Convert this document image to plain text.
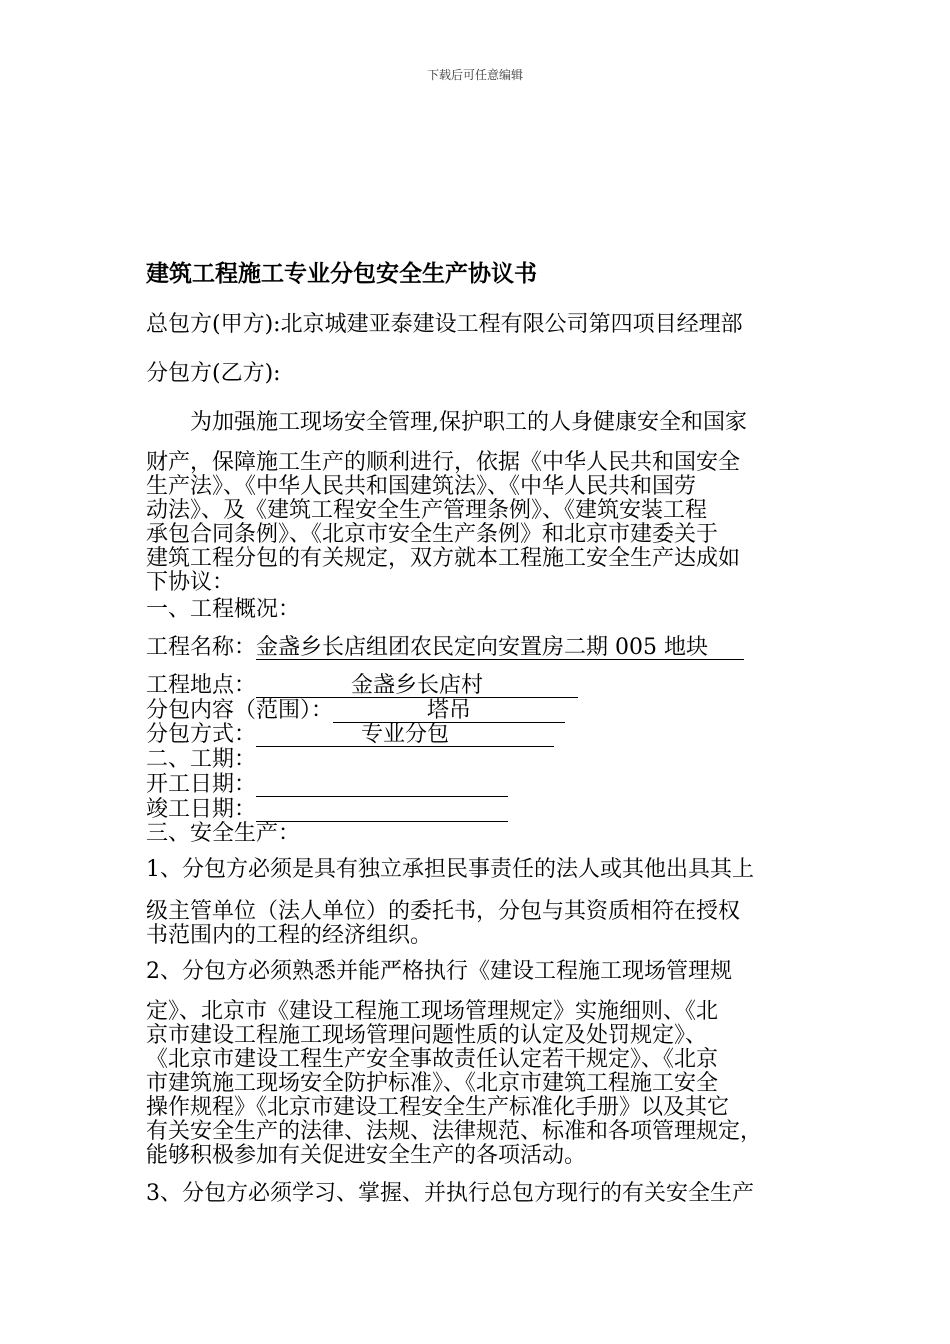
下载后可任意编辑
建筑工程施工专业分包安全生产协议书
总包方(甲方):北京城建亚泰建设工程有限公司第四项目经理部
分包方(乙方):
为加强施工现场安全管理,保护职工的人身健康安全和国家
财产，保障施工生产的顺利进行，依据《中华人民共和国安全
生产法》、《中华人民共和国建筑法》、《中华人民共和国劳
动法》、及《建筑工程安全生产管理条例》、《建筑安装工程
承包合同条例》、《北京市安全生产条例》和北京市建委关于
建筑工程分包的有关规定，双方就本工程施工安全生产达成如
下协议：
一、工程概况：
工程名称：金盏乡长店组团农民定向安置房二期 005 地块
工程地点：	金盏乡长店村
分包内容（范围）：	塔吊
分包方式：	专业分包
二、工期：
开工日期：
竣工日期：
三、安全生产：
1、分包方必须是具有独立承担民事责任的法人或其他出具其上
级主管单位（法人单位）的委托书，分包与其资质相符在授权
书范围内的工程的经济组织。
2、分包方必须熟悉并能严格执行《建设工程施工现场管理规
定》、北京市《建设工程施工现场管理规定》实施细则、《北
京市建设工程施工现场管理问题性质的认定及处罚规定》、
《北京市建设工程生产安全事故责任认定若干规定》、《北京
市建筑施工现场安全防护标准》、《北京市建筑工程施工安全
操作规程》《北京市建设工程安全生产标准化手册》以及其它
有关安全生产的法律、法规、法律规范、标准和各项管理规定，
能够积极参加有关促进安全生产的各项活动。
3、分包方必须学习、掌握、并执行总包方现行的有关安全生产
